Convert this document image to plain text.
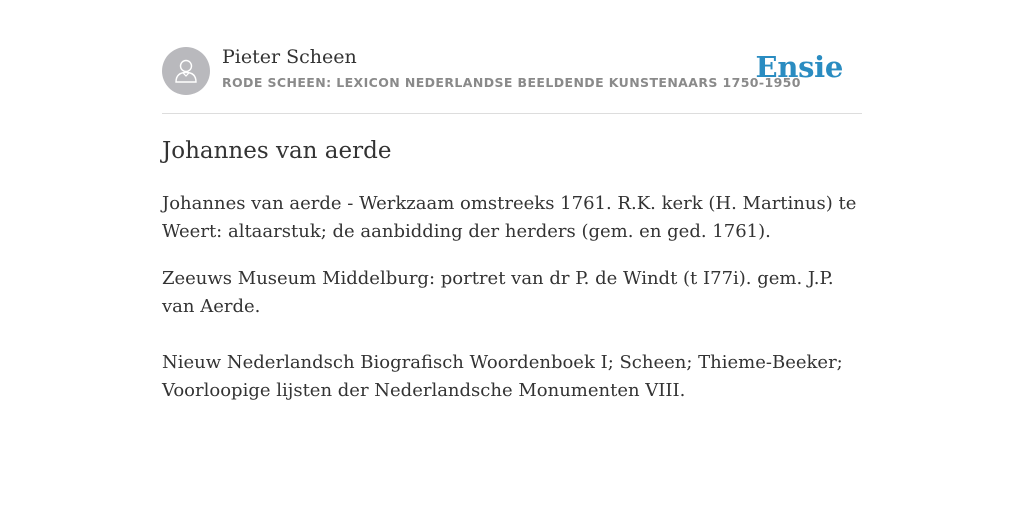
Pieter Scheen
RODE SCHEEN: LEXICON NEDERLANDSE BEELDENDE KUNSTENAARS 1750-1950
Ensie
Johannes van aerde

Johannes van aerde - Werkzaam omstreeks 1761. R.K. kerk (H. Martinus) te Weert: altaarstuk; de aanbidding der herders (gem. en ged. 1761).

Zeeuws Museum Middelburg: portret van dr P. de Windt (t I77i). gem. J.P. van Aerde.

Nieuw Nederlandsch Biografisch Woordenboek I; Scheen; Thieme-Beeker; Voorloopige lijsten der Nederlandsche Monumenten VIII.
